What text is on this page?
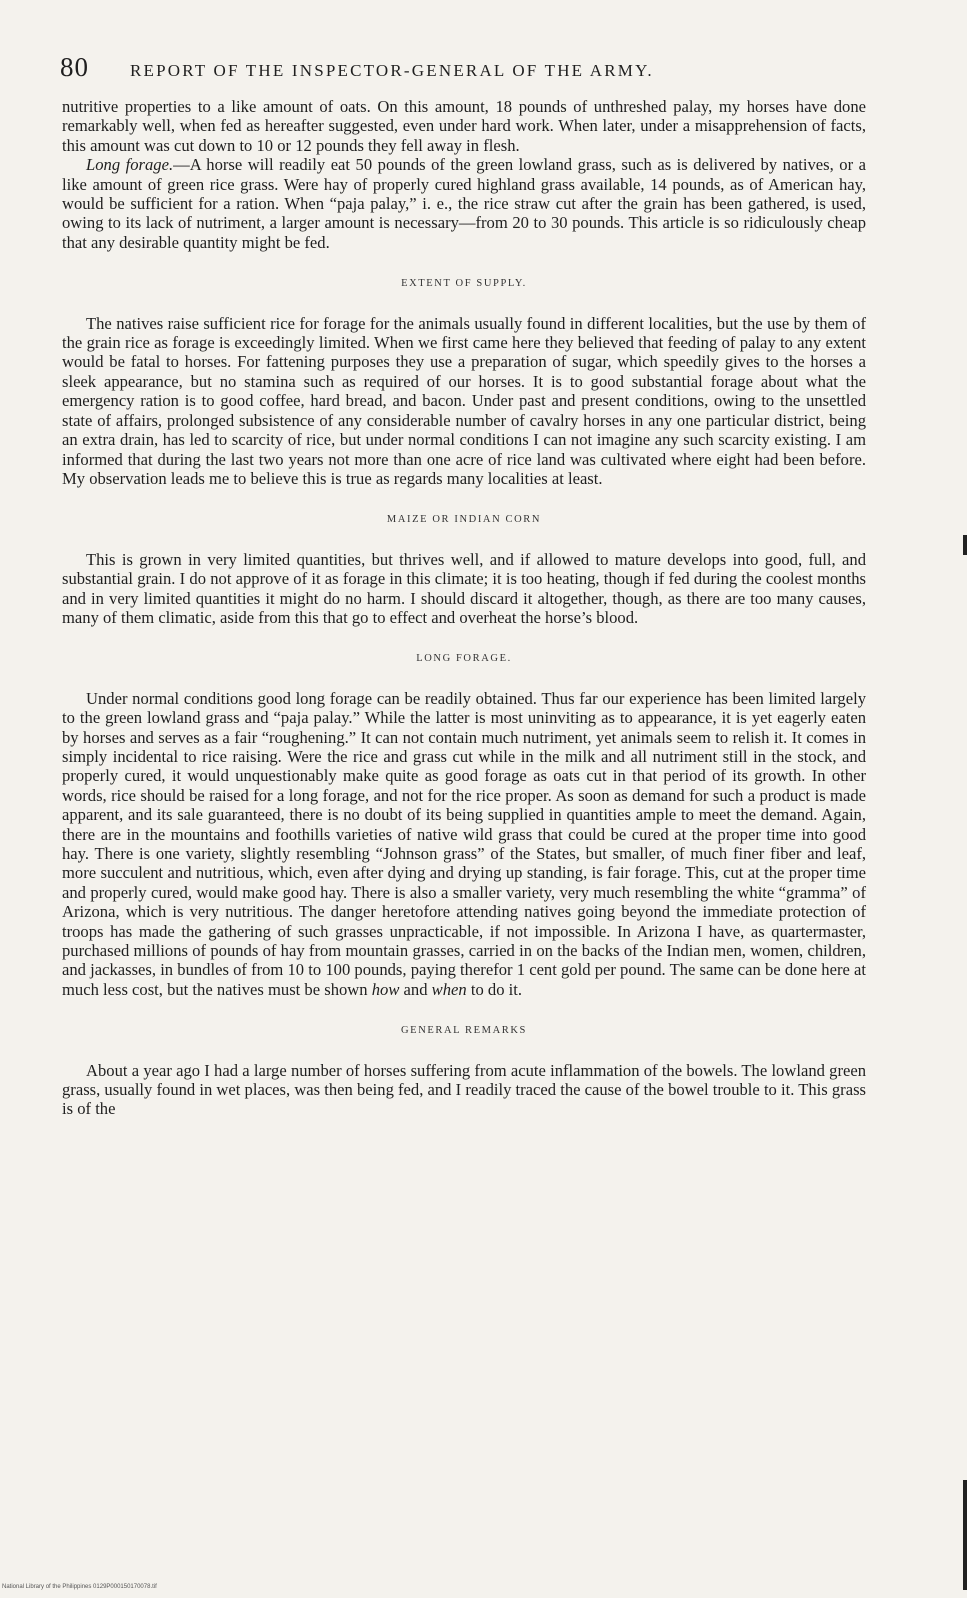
80	REPORT OF THE INSPECTOR-GENERAL OF THE ARMY.

nutritive properties to a like amount of oats. On this amount, 18 pounds of unthreshed palay, my horses have done remarkably well, when fed as hereafter suggested, even under hard work. When later, under a misapprehension of facts, this amount was cut down to 10 or 12 pounds they fell away in flesh.

Long forage.—A horse will readily eat 50 pounds of the green lowland grass, such as is delivered by natives, or a like amount of green rice grass. Were hay of properly cured highland grass available, 14 pounds, as of American hay, would be sufficient for a ration. When “paja palay,” i. e., the rice straw cut after the grain has been gathered, is used, owing to its lack of nutriment, a larger amount is necessary—from 20 to 30 pounds. This article is so ridiculously cheap that any desirable quantity might be fed.

EXTENT OF SUPPLY.

The natives raise sufficient rice for forage for the animals usually found in different localities, but the use by them of the grain rice as forage is exceedingly limited. When we first came here they believed that feeding of palay to any extent would be fatal to horses. For fattening purposes they use a preparation of sugar, which speedily gives to the horses a sleek appearance, but no stamina such as required of our horses. It is to good substantial forage about what the emergency ration is to good coffee, hard bread, and bacon. Under past and present conditions, owing to the unsettled state of affairs, prolonged subsistence of any considerable number of cavalry horses in any one particular district, being an extra drain, has led to scarcity of rice, but under normal conditions I can not imagine any such scarcity existing. I am informed that during the last two years not more than one acre of rice land was cultivated where eight had been before. My observation leads me to believe this is true as regards many localities at least.

MAIZE OR INDIAN CORN

This is grown in very limited quantities, but thrives well, and if allowed to mature develops into good, full, and substantial grain. I do not approve of it as forage in this climate; it is too heating, though if fed during the coolest months and in very limited quantities it might do no harm. I should discard it altogether, though, as there are too many causes, many of them climatic, aside from this that go to effect and overheat the horse’s blood.

LONG FORAGE.

Under normal conditions good long forage can be readily obtained. Thus far our experience has been limited largely to the green lowland grass and “paja palay.” While the latter is most uninviting as to appearance, it is yet eagerly eaten by horses and serves as a fair “roughening.” It can not contain much nutriment, yet animals seem to relish it. It comes in simply incidental to rice raising. Were the rice and grass cut while in the milk and all nutriment still in the stock, and properly cured, it would unquestionably make quite as good forage as oats cut in that period of its growth. In other words, rice should be raised for a long forage, and not for the rice proper. As soon as demand for such a product is made apparent, and its sale guaranteed, there is no doubt of its being supplied in quantities ample to meet the demand. Again, there are in the mountains and foothills varieties of native wild grass that could be cured at the proper time into good hay. There is one variety, slightly resembling “Johnson grass” of the States, but smaller, of much finer fiber and leaf, more succulent and nutritious, which, even after dying and drying up standing, is fair forage. This, cut at the proper time and properly cured, would make good hay. There is also a smaller variety, very much resembling the white “gramma” of Arizona, which is very nutritious. The danger heretofore attending natives going beyond the immediate protection of troops has made the gathering of such grasses unpracticable, if not impossible. In Arizona I have, as quartermaster, purchased millions of pounds of hay from mountain grasses, carried in on the backs of the Indian men, women, children, and jackasses, in bundles of from 10 to 100 pounds, paying therefor 1 cent gold per pound. The same can be done here at much less cost, but the natives must be shown how and when to do it.

GENERAL REMARKS

About a year ago I had a large number of horses suffering from acute inflammation of the bowels. The lowland green grass, usually found in wet places, was then being fed, and I readily traced the cause of the bowel trouble to it. This grass is of the

National Library of the Philippines 0129P000150170078.tif
